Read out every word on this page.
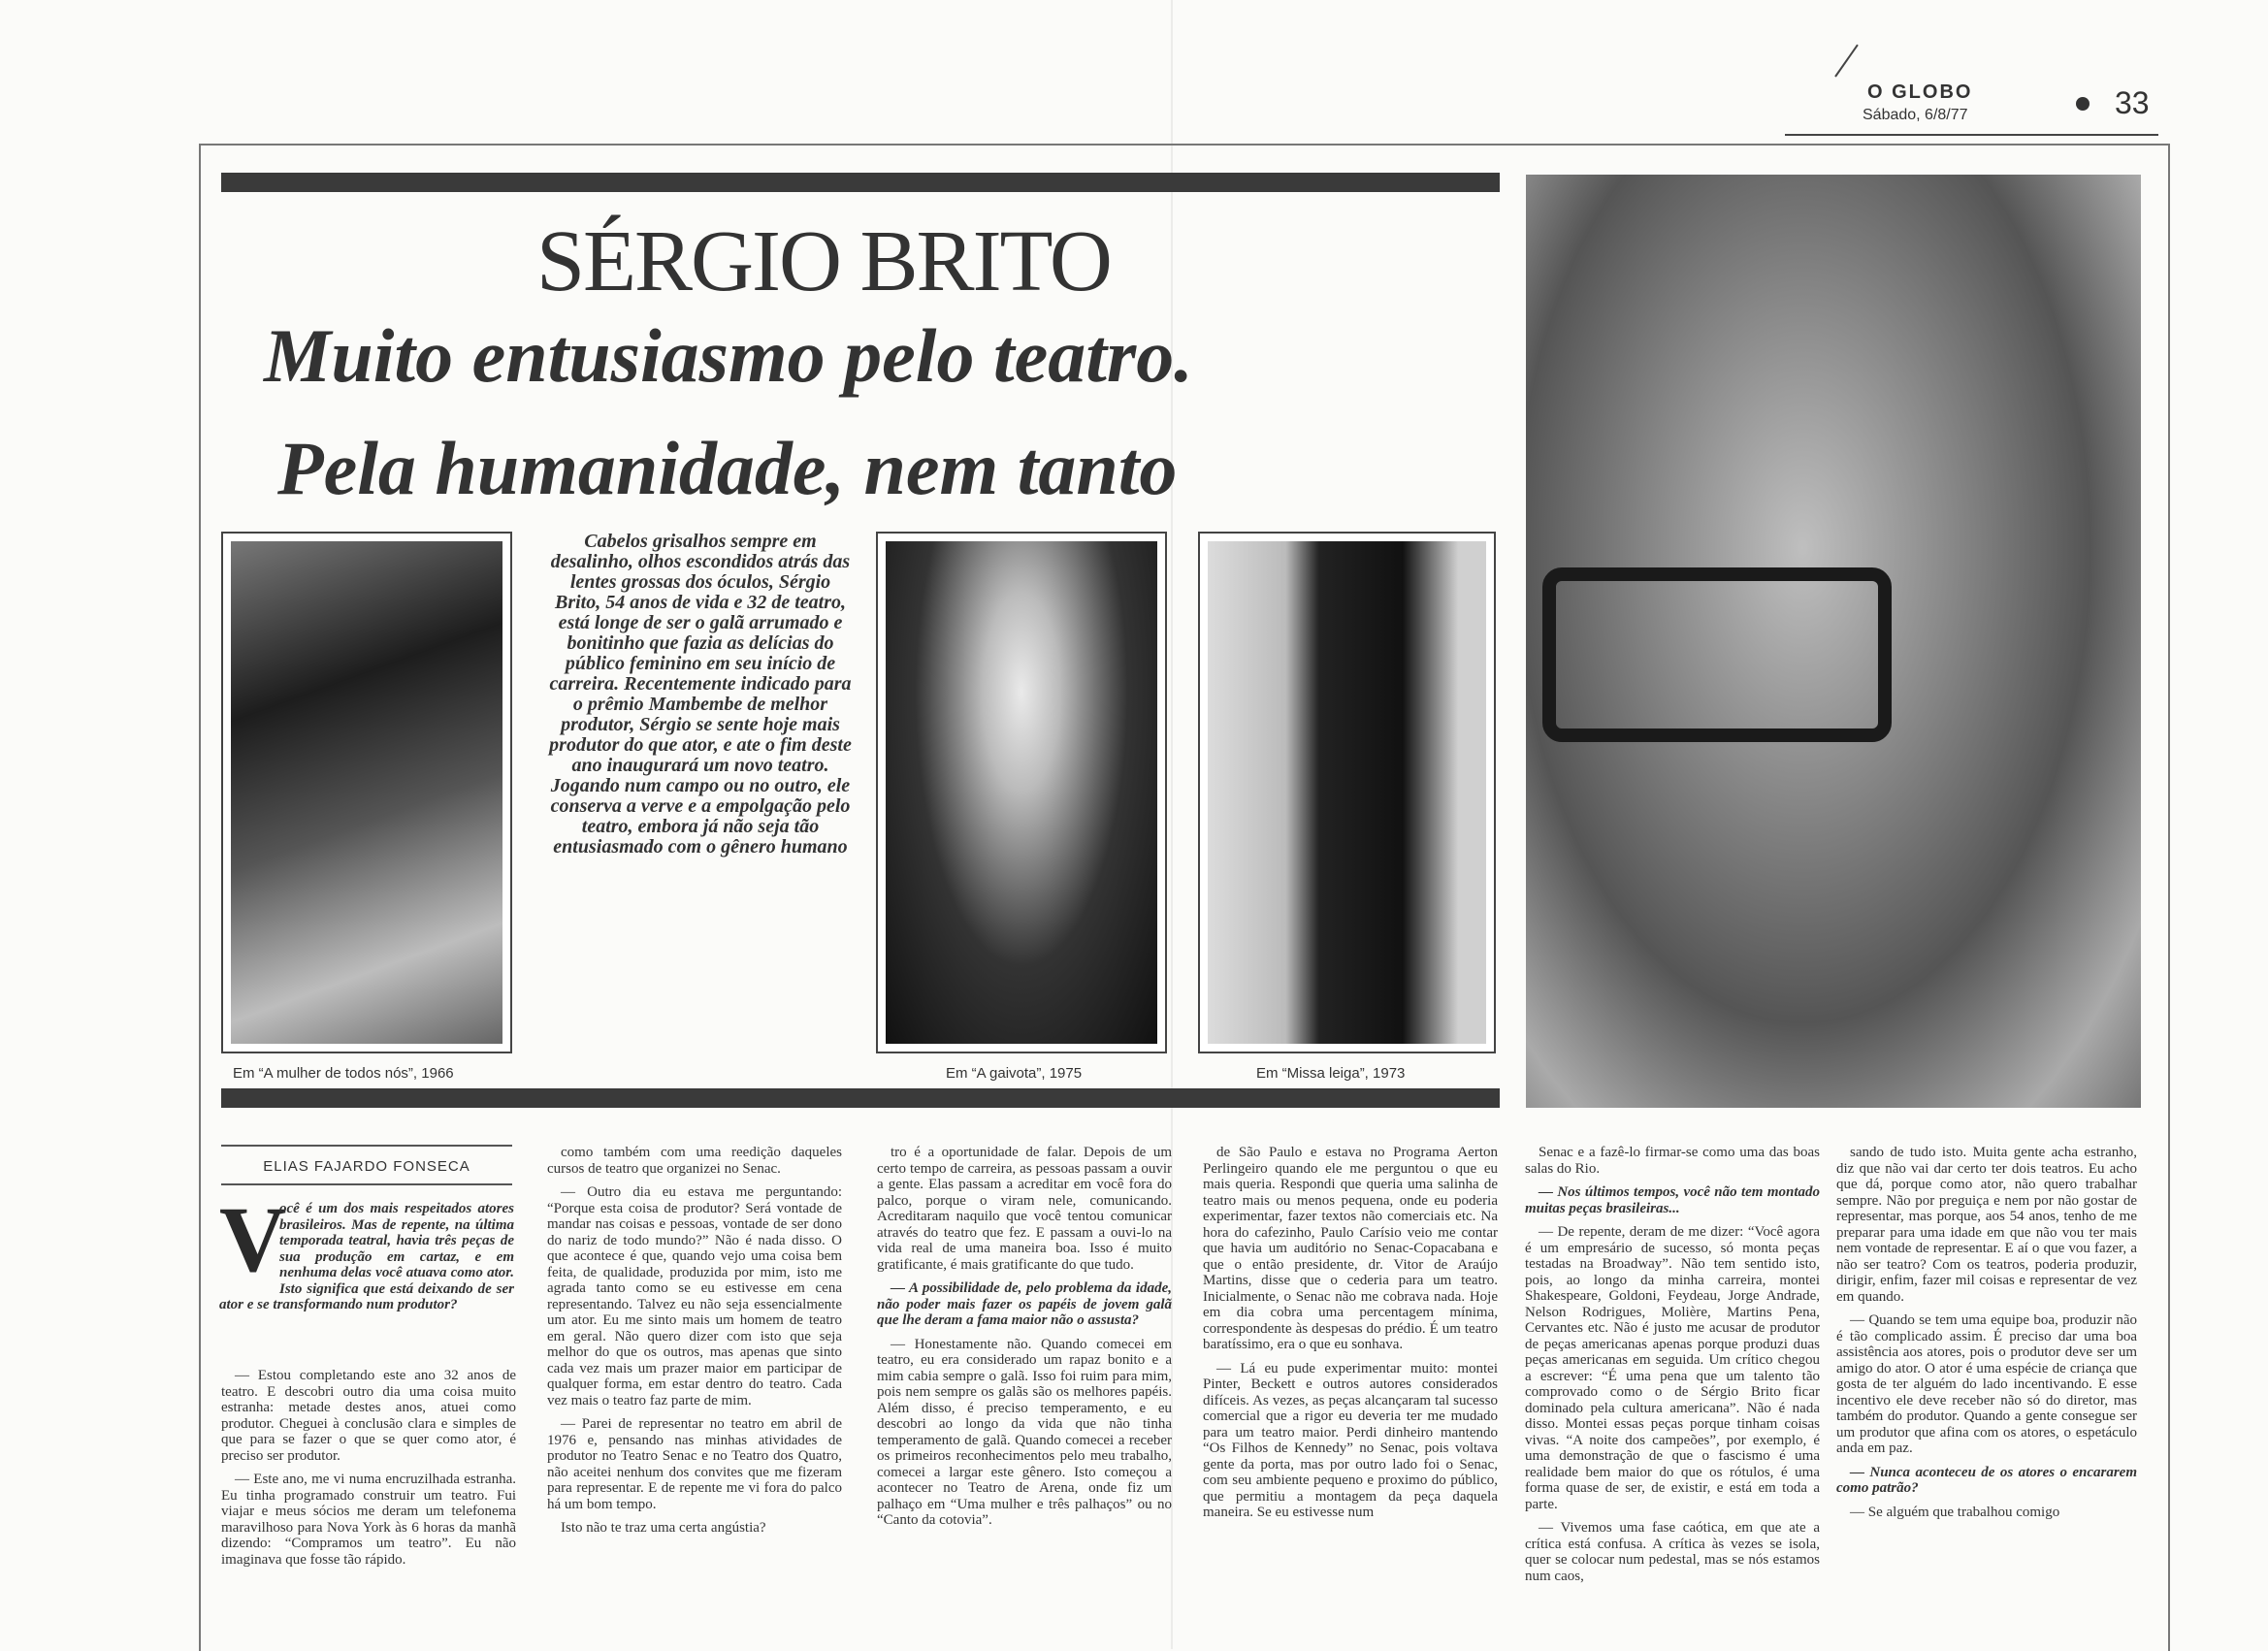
O GLOBO
Sábado, 6/8/77	33
SÉRGIO BRITO
Muito entusiasmo pelo teatro.
Pela humanidade, nem tanto
Cabelos grisalhos sempre em desalinho, olhos escondidos atrás das lentes grossas dos óculos, Sérgio Brito, 54 anos de vida e 32 de teatro, está longe de ser o galã arrumado e bonitinho que fazia as delícias do público feminino em seu início de carreira. Recentemente indicado para o prêmio Mambembe de melhor produtor, Sérgio se sente hoje mais produtor do que ator, e ate o fim deste ano inaugurará um novo teatro. Jogando num campo ou no outro, ele conserva a verve e a empolgação pelo teatro, embora já não seja tão entusiasmado com o gênero humano
Em “A mulher de todos nós”, 1966	Em “A gaivota”, 1975	Em “Missa leiga”, 1973
ELIAS FAJARDO FONSECA
V
ocê é um dos mais respeitados atores brasileiros. Mas de repente, na última temporada teatral, havia três peças de sua produção em cartaz, e em nenhuma delas você atuava como ator. Isto significa que está deixando de ser ator e se transformando num produtor?

— Estou completando este ano 32 anos de teatro. E descobri outro dia uma coisa muito estranha: metade destes anos, atuei como produtor. Cheguei à conclusão clara e simples de que para se fazer o que se quer como ator, é preciso ser produtor.

— Este ano, me vi numa encruzilhada estranha. Eu tinha programado construir um teatro. Fui viajar e meus sócios me deram um telefonema maravilhoso para Nova York às 6 horas da manhã dizendo: “Compramos um teatro”. Eu não imaginava que fosse tão rápido.

como também com uma reedição daqueles cursos de teatro que organizei no Senac.

— Outro dia eu estava me perguntando: “Porque esta coisa de produtor? Será vontade de mandar nas coisas e pessoas, vontade de ser dono do nariz de todo mundo?” Não é nada disso. O que acontece é que, quando vejo uma coisa bem feita, de qualidade, produzida por mim, isto me agrada tanto como se eu estivesse em cena representando. Talvez eu não seja essencialmente um ator. Eu me sinto mais um homem de teatro em geral. Não quero dizer com isto que seja melhor do que os outros, mas apenas que sinto cada vez mais um prazer maior em participar de qualquer forma, em estar dentro do teatro. Cada vez mais o teatro faz parte de mim.

— Parei de representar no teatro em abril de 1976 e, pensando nas minhas atividades de produtor no Teatro Senac e no Teatro dos Quatro, não aceitei nenhum dos convites que me fizeram para representar. E de repente me vi fora do palco há um bom tempo.

Isto não te traz uma certa angústia?

tro é a oportunidade de falar. Depois de um certo tempo de carreira, as pessoas passam a ouvir a gente. Elas passam a acreditar em você fora do palco, porque o viram nele, comunicando. Acreditaram naquilo que você tentou comunicar através do teatro que fez. E passam a ouvi-lo na vida real de uma maneira boa. Isso é muito gratificante, é mais gratificante do que tudo.

— A possibilidade de, pelo problema da idade, não poder mais fazer os papéis de jovem galã que lhe deram a fama maior não o assusta?

— Honestamente não. Quando comecei em teatro, eu era considerado um rapaz bonito e a mim cabia sempre o galã. Isso foi ruim para mim, pois nem sempre os galãs são os melhores papéis. Além disso, é preciso temperamento, e eu descobri ao longo da vida que não tinha temperamento de galã. Quando comecei a receber os primeiros reconhecimentos pelo meu trabalho, comecei a largar este gênero. Isto começou a acontecer no Teatro de Arena, onde fiz um palhaço em “Uma mulher e três palhaços” ou no “Canto da cotovia”.

de São Paulo e estava no Programa Aerton Perlingeiro quando ele me perguntou o que eu mais queria. Respondi que queria uma salinha de teatro mais ou menos pequena, onde eu poderia experimentar, fazer textos não comerciais etc. Na hora do cafezinho, Paulo Carísio veio me contar que havia um auditório no Senac-Copacabana e que o então presidente, dr. Vitor de Araújo Martins, disse que o cederia para um teatro. Inicialmente, o Senac não me cobrava nada. Hoje em dia cobra uma percentagem mínima, correspondente às despesas do prédio. É um teatro baratíssimo, era o que eu sonhava.

— Lá eu pude experimentar muito: montei Pinter, Beckett e outros autores considerados difíceis. As vezes, as peças alcançaram tal sucesso comercial que a rigor eu deveria ter me mudado para um teatro maior. Perdi dinheiro mantendo “Os Filhos de Kennedy” no Senac, pois voltava gente da porta, mas por outro lado foi o Senac, com seu ambiente pequeno e proximo do público, que permitiu a montagem da peça daquela maneira. Se eu estivesse num

Senac e a fazê-lo firmar-se como uma das boas salas do Rio.

— Nos últimos tempos, você não tem montado muitas peças brasileiras...

— De repente, deram de me dizer: “Você agora é um empresário de sucesso, só monta peças testadas na Broadway”. Não tem sentido isto, pois, ao longo da minha carreira, montei Shakespeare, Goldoni, Feydeau, Jorge Andrade, Nelson Rodrigues, Molière, Martins Pena, Cervantes etc. Não é justo me acusar de produtor de peças americanas apenas porque produzi duas peças americanas em seguida. Um crítico chegou a escrever: “É uma pena que um talento tão comprovado como o de Sérgio Brito ficar dominado pela cultura americana”. Não é nada disso. Montei essas peças porque tinham coisas vivas. “A noite dos campeões”, por exemplo, é uma demonstração de que o fascismo é uma realidade bem maior do que os rótulos, é uma forma quase de ser, de existir, e está em toda a parte.

— Vivemos uma fase caótica, em que ate a crítica está confusa. A crítica às vezes se isola, quer se colocar num pedestal, mas se nós estamos num caos,

sando de tudo isto. Muita gente acha estranho, diz que não vai dar certo ter dois teatros. Eu acho que dá, porque como ator, não quero trabalhar sempre. Não por preguiça e nem por não gostar de representar, mas porque, aos 54 anos, tenho de me preparar para uma idade em que não vou ter mais nem vontade de representar. E aí o que vou fazer, a não ser teatro? Com os teatros, poderia produzir, dirigir, enfim, fazer mil coisas e representar de vez em quando.

— Quando se tem uma equipe boa, produzir não é tão complicado assim. É preciso dar uma boa assistência aos atores, pois o produtor deve ser um amigo do ator. O ator é uma espécie de criança que gosta de ter alguém do lado incentivando. E esse incentivo ele deve receber não só do diretor, mas também do produtor. Quando a gente consegue ser um produtor que afina com os atores, o espetáculo anda em paz.

— Nunca aconteceu de os atores o encararem como patrão?

— Se alguém que trabalhou comigo
